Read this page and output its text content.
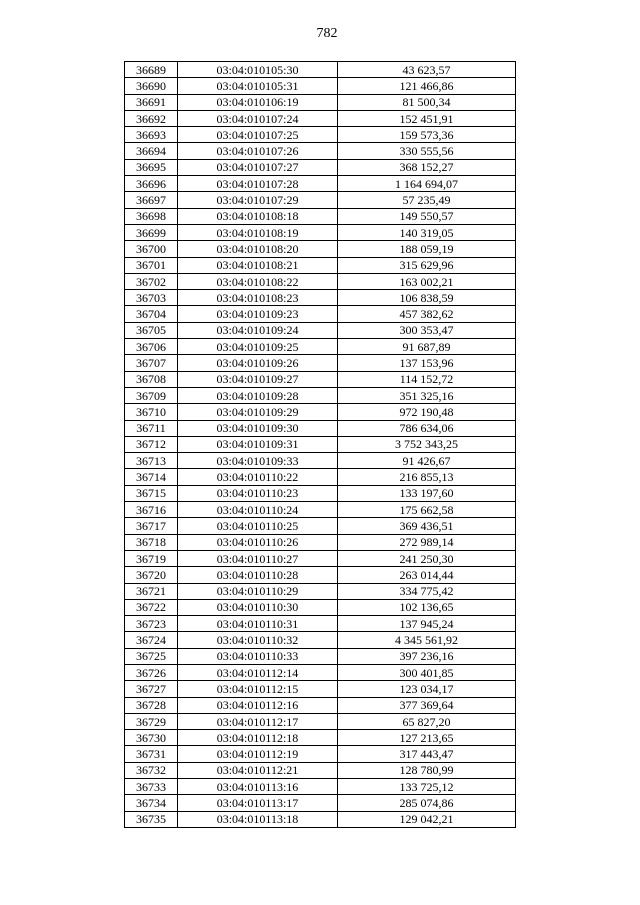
782
36689	03:04:010105:30	43 623,57
36690	03:04:010105:31	121 466,86
36691	03:04:010106:19	81 500,34
36692	03:04:010107:24	152 451,91
36693	03:04:010107:25	159 573,36
36694	03:04:010107:26	330 555,56
36695	03:04:010107:27	368 152,27
36696	03:04:010107:28	1 164 694,07
36697	03:04:010107:29	57 235,49
36698	03:04:010108:18	149 550,57
36699	03:04:010108:19	140 319,05
36700	03:04:010108:20	188 059,19
36701	03:04:010108:21	315 629,96
36702	03:04:010108:22	163 002,21
36703	03:04:010108:23	106 838,59
36704	03:04:010109:23	457 382,62
36705	03:04:010109:24	300 353,47
36706	03:04:010109:25	91 687,89
36707	03:04:010109:26	137 153,96
36708	03:04:010109:27	114 152,72
36709	03:04:010109:28	351 325,16
36710	03:04:010109:29	972 190,48
36711	03:04:010109:30	786 634,06
36712	03:04:010109:31	3 752 343,25
36713	03:04:010109:33	91 426,67
36714	03:04:010110:22	216 855,13
36715	03:04:010110:23	133 197,60
36716	03:04:010110:24	175 662,58
36717	03:04:010110:25	369 436,51
36718	03:04:010110:26	272 989,14
36719	03:04:010110:27	241 250,30
36720	03:04:010110:28	263 014,44
36721	03:04:010110:29	334 775,42
36722	03:04:010110:30	102 136,65
36723	03:04:010110:31	137 945,24
36724	03:04:010110:32	4 345 561,92
36725	03:04:010110:33	397 236,16
36726	03:04:010112:14	300 401,85
36727	03:04:010112:15	123 034,17
36728	03:04:010112:16	377 369,64
36729	03:04:010112:17	65 827,20
36730	03:04:010112:18	127 213,65
36731	03:04:010112:19	317 443,47
36732	03:04:010112:21	128 780,99
36733	03:04:010113:16	133 725,12
36734	03:04:010113:17	285 074,86
36735	03:04:010113:18	129 042,21
